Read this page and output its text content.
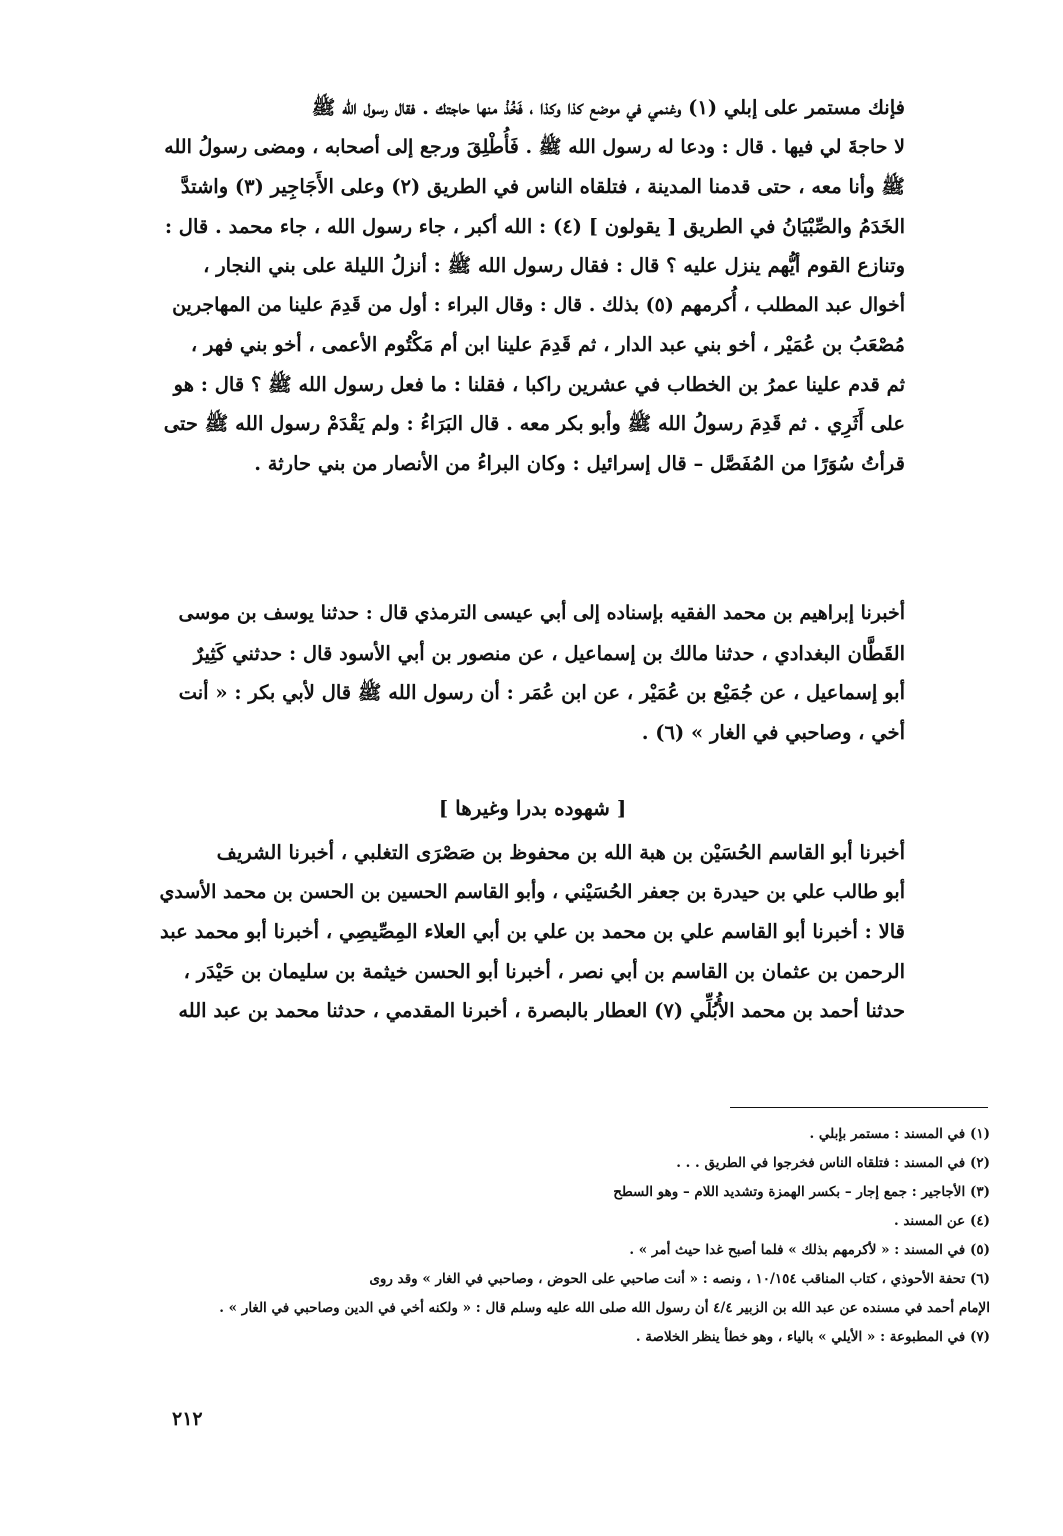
فإنك مستمر على إبلي (١) وغنمي في موضع كذا وكذا ، فَخُذْ منها حاجتك . فقال رسول الله ﷺ
لا حاجةَ لي فيها . قال : ودعا له رسول الله ﷺ . فَأُطْلِقَ ورجع إلى أصحابه ، ومضى رسولُ الله
ﷺ وأنا معه ، حتى قدمنا المدينة ، فتلقاه الناس في الطريق (٢) وعلى الأَجَاجِير (٣) واشتدَّ
الخَدَمُ والصِّبْيَانُ في الطريق [ يقولون ] (٤) : الله أكبر ، جاء رسول الله ، جاء محمد . قال :
وتنازع القوم أيُّهم ينزل عليه ؟ قال : فقال رسول الله ﷺ : أنزلُ الليلة على بني النجار ،
أخوال عبد المطلب ، أُكرمهم (٥) بذلك . قال : وقال البراء : أول من قَدِمَ علينا من المهاجرين
مُصْعَبُ بن عُمَيْر ، أخو بني عبد الدار ، ثم قَدِمَ علينا ابن أم مَكْتُوم الأعمى ، أخو بني فهر ،
ثم قدم علينا عمرُ بن الخطاب في عشرين راكبا ، فقلنا : ما فعل رسول الله ﷺ ؟ قال : هو
على أَثَرِي . ثم قَدِمَ رسولُ الله ﷺ وأبو بكر معه . قال البَرَاءُ : ولم يَقْدَمْ رسول الله ﷺ حتى
قرأتُ سُوَرًا من المُفَصَّل – قال إسرائيل : وكان البراءُ من الأنصار من بني حارثة .
أخبرنا إبراهيم بن محمد الفقيه بإسناده إلى أبي عيسى الترمذي قال : حدثنا يوسف بن موسى
القَطَّان البغدادي ، حدثنا مالك بن إسماعيل ، عن منصور بن أبي الأسود قال : حدثني كَثِيرٌ
أبو إسماعيل ، عن جُمَيْع بن عُمَيْر ، عن ابن عُمَر : أن رسول الله ﷺ قال لأبي بكر : « أنت
أخي ، وصاحبي في الغار » (٦) .
[ شهوده بدرا وغيرها ]
أخبرنا أبو القاسم الحُسَيْن بن هبة الله بن محفوظ بن صَصْرَى التغلبي ، أخبرنا الشريف
أبو طالب علي بن حيدرة بن جعفر الحُسَيْني ، وأبو القاسم الحسين بن الحسن بن محمد الأسدي
قالا : أخبرنا أبو القاسم علي بن محمد بن علي بن أبي العلاء المِصِّيصِي ، أخبرنا أبو محمد عبد
الرحمن بن عثمان بن القاسم بن أبي نصر ، أخبرنا أبو الحسن خيثمة بن سليمان بن حَيْدَر ،
حدثنا أحمد بن محمد الأُبُلِّي (٧) العطار بالبصرة ، أخبرنا المقدمي ، حدثنا محمد بن عبد الله
(١) في المسند : مستمر بإبلي .
(٢) في المسند : فتلقاه الناس فخرجوا في الطريق . . .
(٣) الأجاجير : جمع إجار – بكسر الهمزة وتشديد اللام – وهو السطح
(٤) عن المسند .
(٥) في المسند : « لأكرمهم بذلك » فلما أصبح غدا حيث أمر » .
(٦) تحفة الأحوذي ، كتاب المناقب ١٠/١٥٤ ، ونصه : « أنت صاحبي على الحوض ، وصاحبي في الغار » وقد روى
الإمام أحمد في مسنده عن عبد الله بن الزبير ٤/٤ أن رسول الله صلى الله عليه وسلم قال : « ولكنه أخي في الدين وصاحبي في الغار » .
(٧) في المطبوعة : « الأيلي » بالياء ، وهو خطأ ينظر الخلاصة .
٢١٢
